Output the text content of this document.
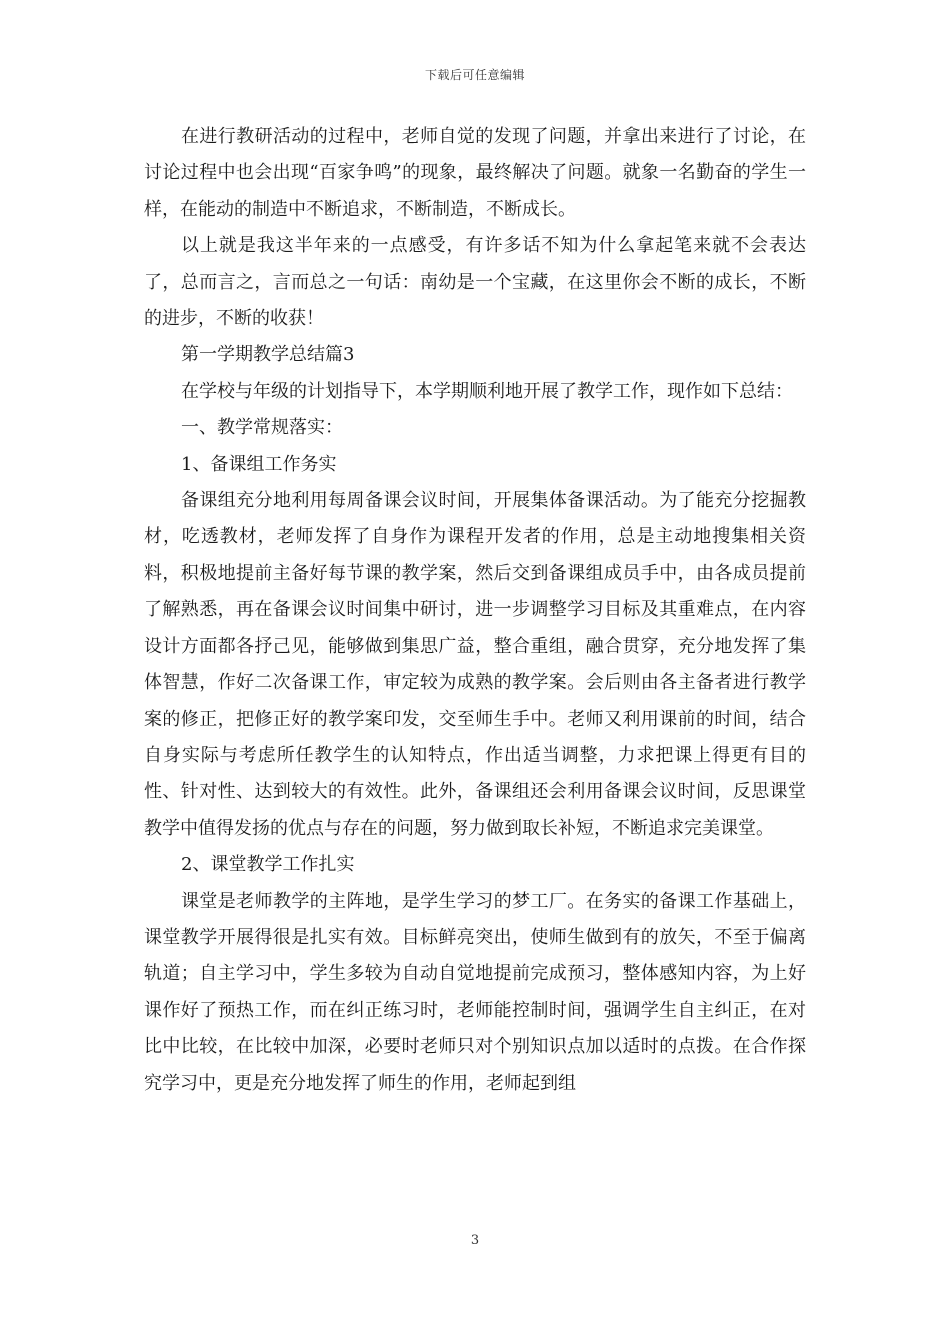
下载后可任意编辑

在进行教研活动的过程中，老师自觉的发现了问题，并拿出来进行了讨论，在讨论过程中也会出现“百家争鸣”的现象，最终解决了问题。就象一名勤奋的学生一样，在能动的制造中不断追求，不断制造，不断成长。

以上就是我这半年来的一点感受，有许多话不知为什么拿起笔来就不会表达了，总而言之，言而总之一句话：南幼是一个宝藏，在这里你会不断的成长，不断的进步，不断的收获！

第一学期教学总结篇3

在学校与年级的计划指导下，本学期顺利地开展了教学工作，现作如下总结：

一、教学常规落实：

1、备课组工作务实

备课组充分地利用每周备课会议时间，开展集体备课活动。为了能充分挖掘教材，吃透教材，老师发挥了自身作为课程开发者的作用，总是主动地搜集相关资料，积极地提前主备好每节课的教学案，然后交到备课组成员手中，由各成员提前了解熟悉，再在备课会议时间集中研讨，进一步调整学习目标及其重难点，在内容设计方面都各抒己见，能够做到集思广益，整合重组，融合贯穿，充分地发挥了集体智慧，作好二次备课工作，审定较为成熟的教学案。会后则由各主备者进行教学案的修正，把修正好的教学案印发，交至师生手中。老师又利用课前的时间，结合自身实际与考虑所任教学生的认知特点，作出适当调整，力求把课上得更有目的性、针对性、达到较大的有效性。此外，备课组还会利用备课会议时间，反思课堂教学中值得发扬的优点与存在的问题，努力做到取长补短，不断追求完美课堂。

2、课堂教学工作扎实

课堂是老师教学的主阵地，是学生学习的梦工厂。在务实的备课工作基础上，课堂教学开展得很是扎实有效。目标鲜亮突出，使师生做到有的放矢，不至于偏离轨道；自主学习中，学生多较为自动自觉地提前完成预习，整体感知内容，为上好课作好了预热工作，而在纠正练习时，老师能控制时间，强调学生自主纠正，在对比中比较，在比较中加深，必要时老师只对个别知识点加以适时的点拨。在合作探究学习中，更是充分地发挥了师生的作用，老师起到组

3
